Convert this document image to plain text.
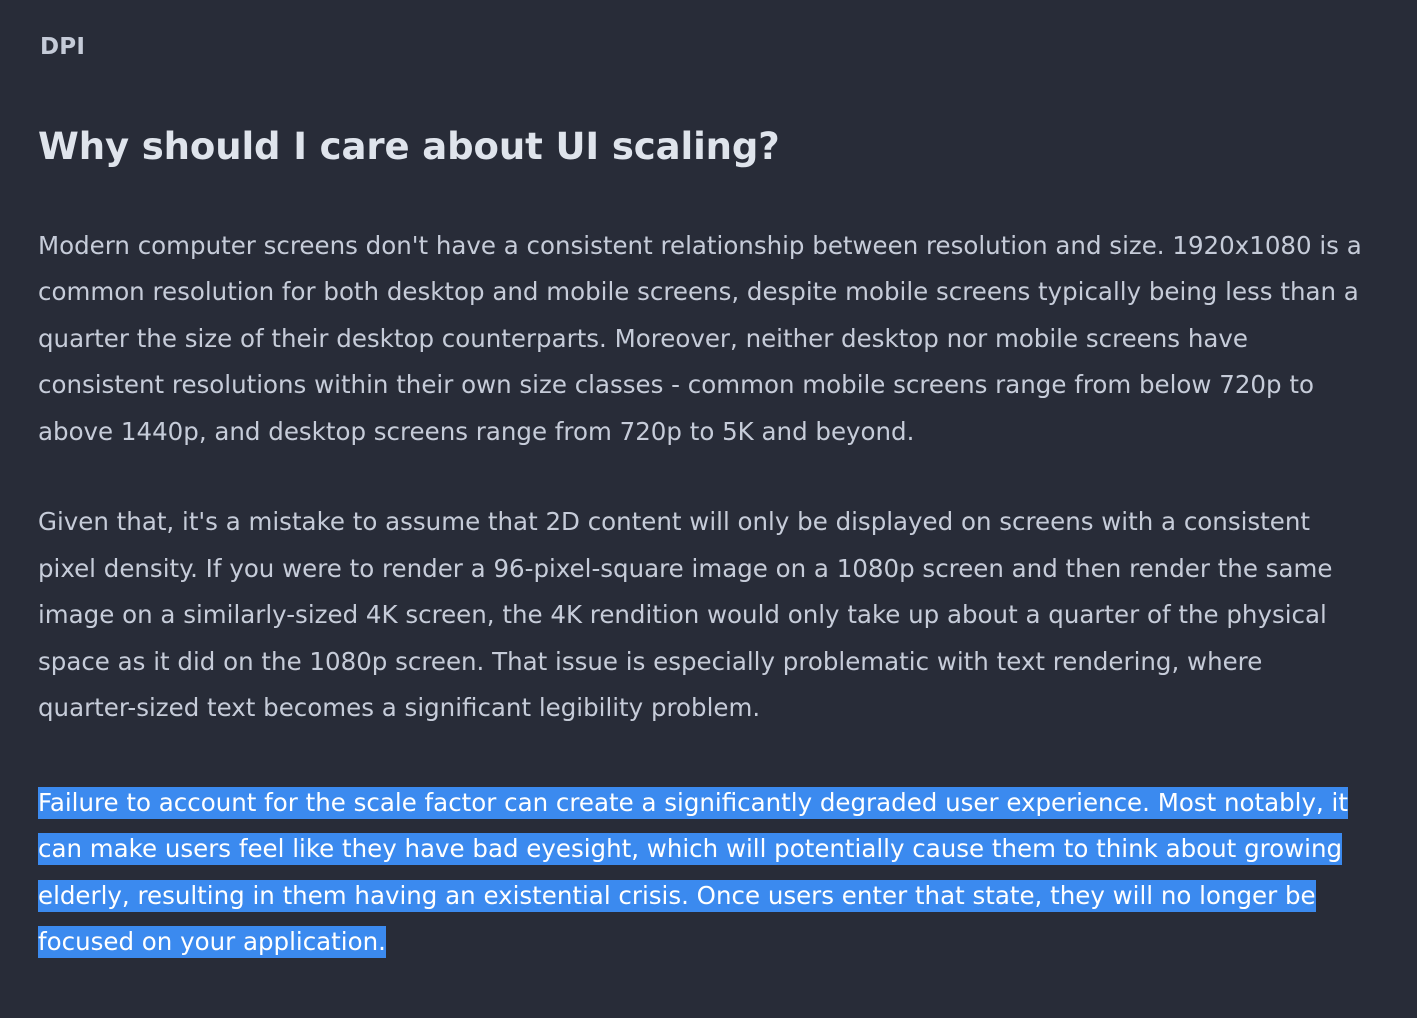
DPI
Why should I care about UI scaling?

Modern computer screens don't have a consistent relationship between resolution and size. 1920x1080 is a common resolution for both desktop and mobile screens, despite mobile screens typically being less than a quarter the size of their desktop counterparts. Moreover, neither desktop nor mobile screens have consistent resolutions within their own size classes - common mobile screens range from below 720p to above 1440p, and desktop screens range from 720p to 5K and beyond.

Given that, it's a mistake to assume that 2D content will only be displayed on screens with a consistent pixel density. If you were to render a 96-pixel-square image on a 1080p screen and then render the same image on a similarly-sized 4K screen, the 4K rendition would only take up about a quarter of the physical space as it did on the 1080p screen. That issue is especially problematic with text rendering, where quarter-sized text becomes a significant legibility problem.

Failure to account for the scale factor can create a significantly degraded user experience. Most notably, it can make users feel like they have bad eyesight, which will potentially cause them to think about growing elderly, resulting in them having an existential crisis. Once users enter that state, they will no longer be focused on your application.
